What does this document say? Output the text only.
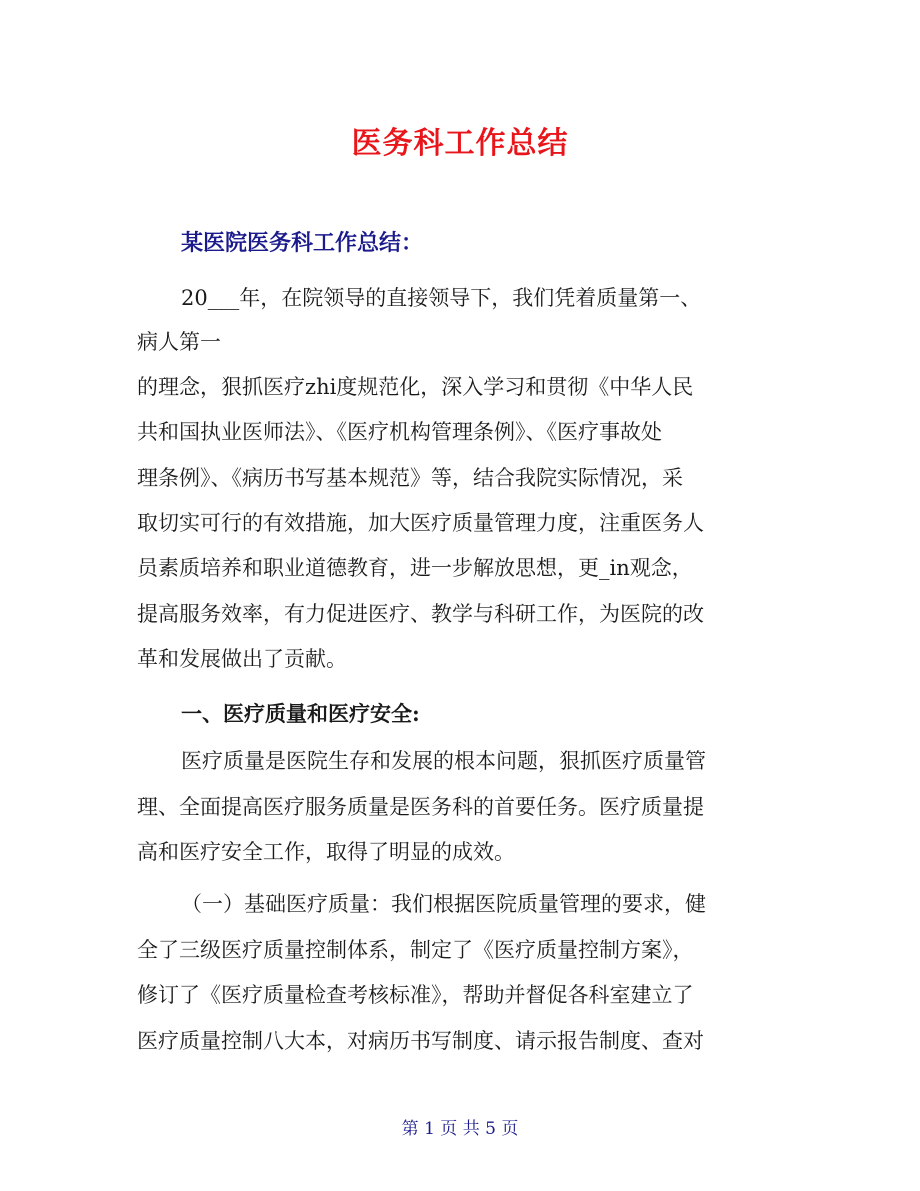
医务科工作总结
某医院医务科工作总结：
20___年，在院领导的直接领导下，我们凭着质量第一、
病人第一
的理念，狠抓医疗zhi度规范化，深入学习和贯彻《中华人民
共和国执业医师法》、《医疗机构管理条例》、《医疗事故处
理条例》、《病历书写基本规范》等，结合我院实际情况，采
取切实可行的有效措施，加大医疗质量管理力度，注重医务人
员素质培养和职业道德教育，进一步解放思想，更_in观念，
提高服务效率，有力促进医疗、教学与科研工作，为医院的改
革和发展做出了贡献。
一、医疗质量和医疗安全:
医疗质量是医院生存和发展的根本问题，狠抓医疗质量管
理、全面提高医疗服务质量是医务科的首要任务。医疗质量提
高和医疗安全工作，取得了明显的成效。
（一）基础医疗质量：我们根据医院质量管理的要求，健
全了三级医疗质量控制体系，制定了《医疗质量控制方案》，
修订了《医疗质量检查考核标准》，帮助并督促各科室建立了
医疗质量控制八大本，对病历书写制度、请示报告制度、查对
第 1 页 共 5 页
